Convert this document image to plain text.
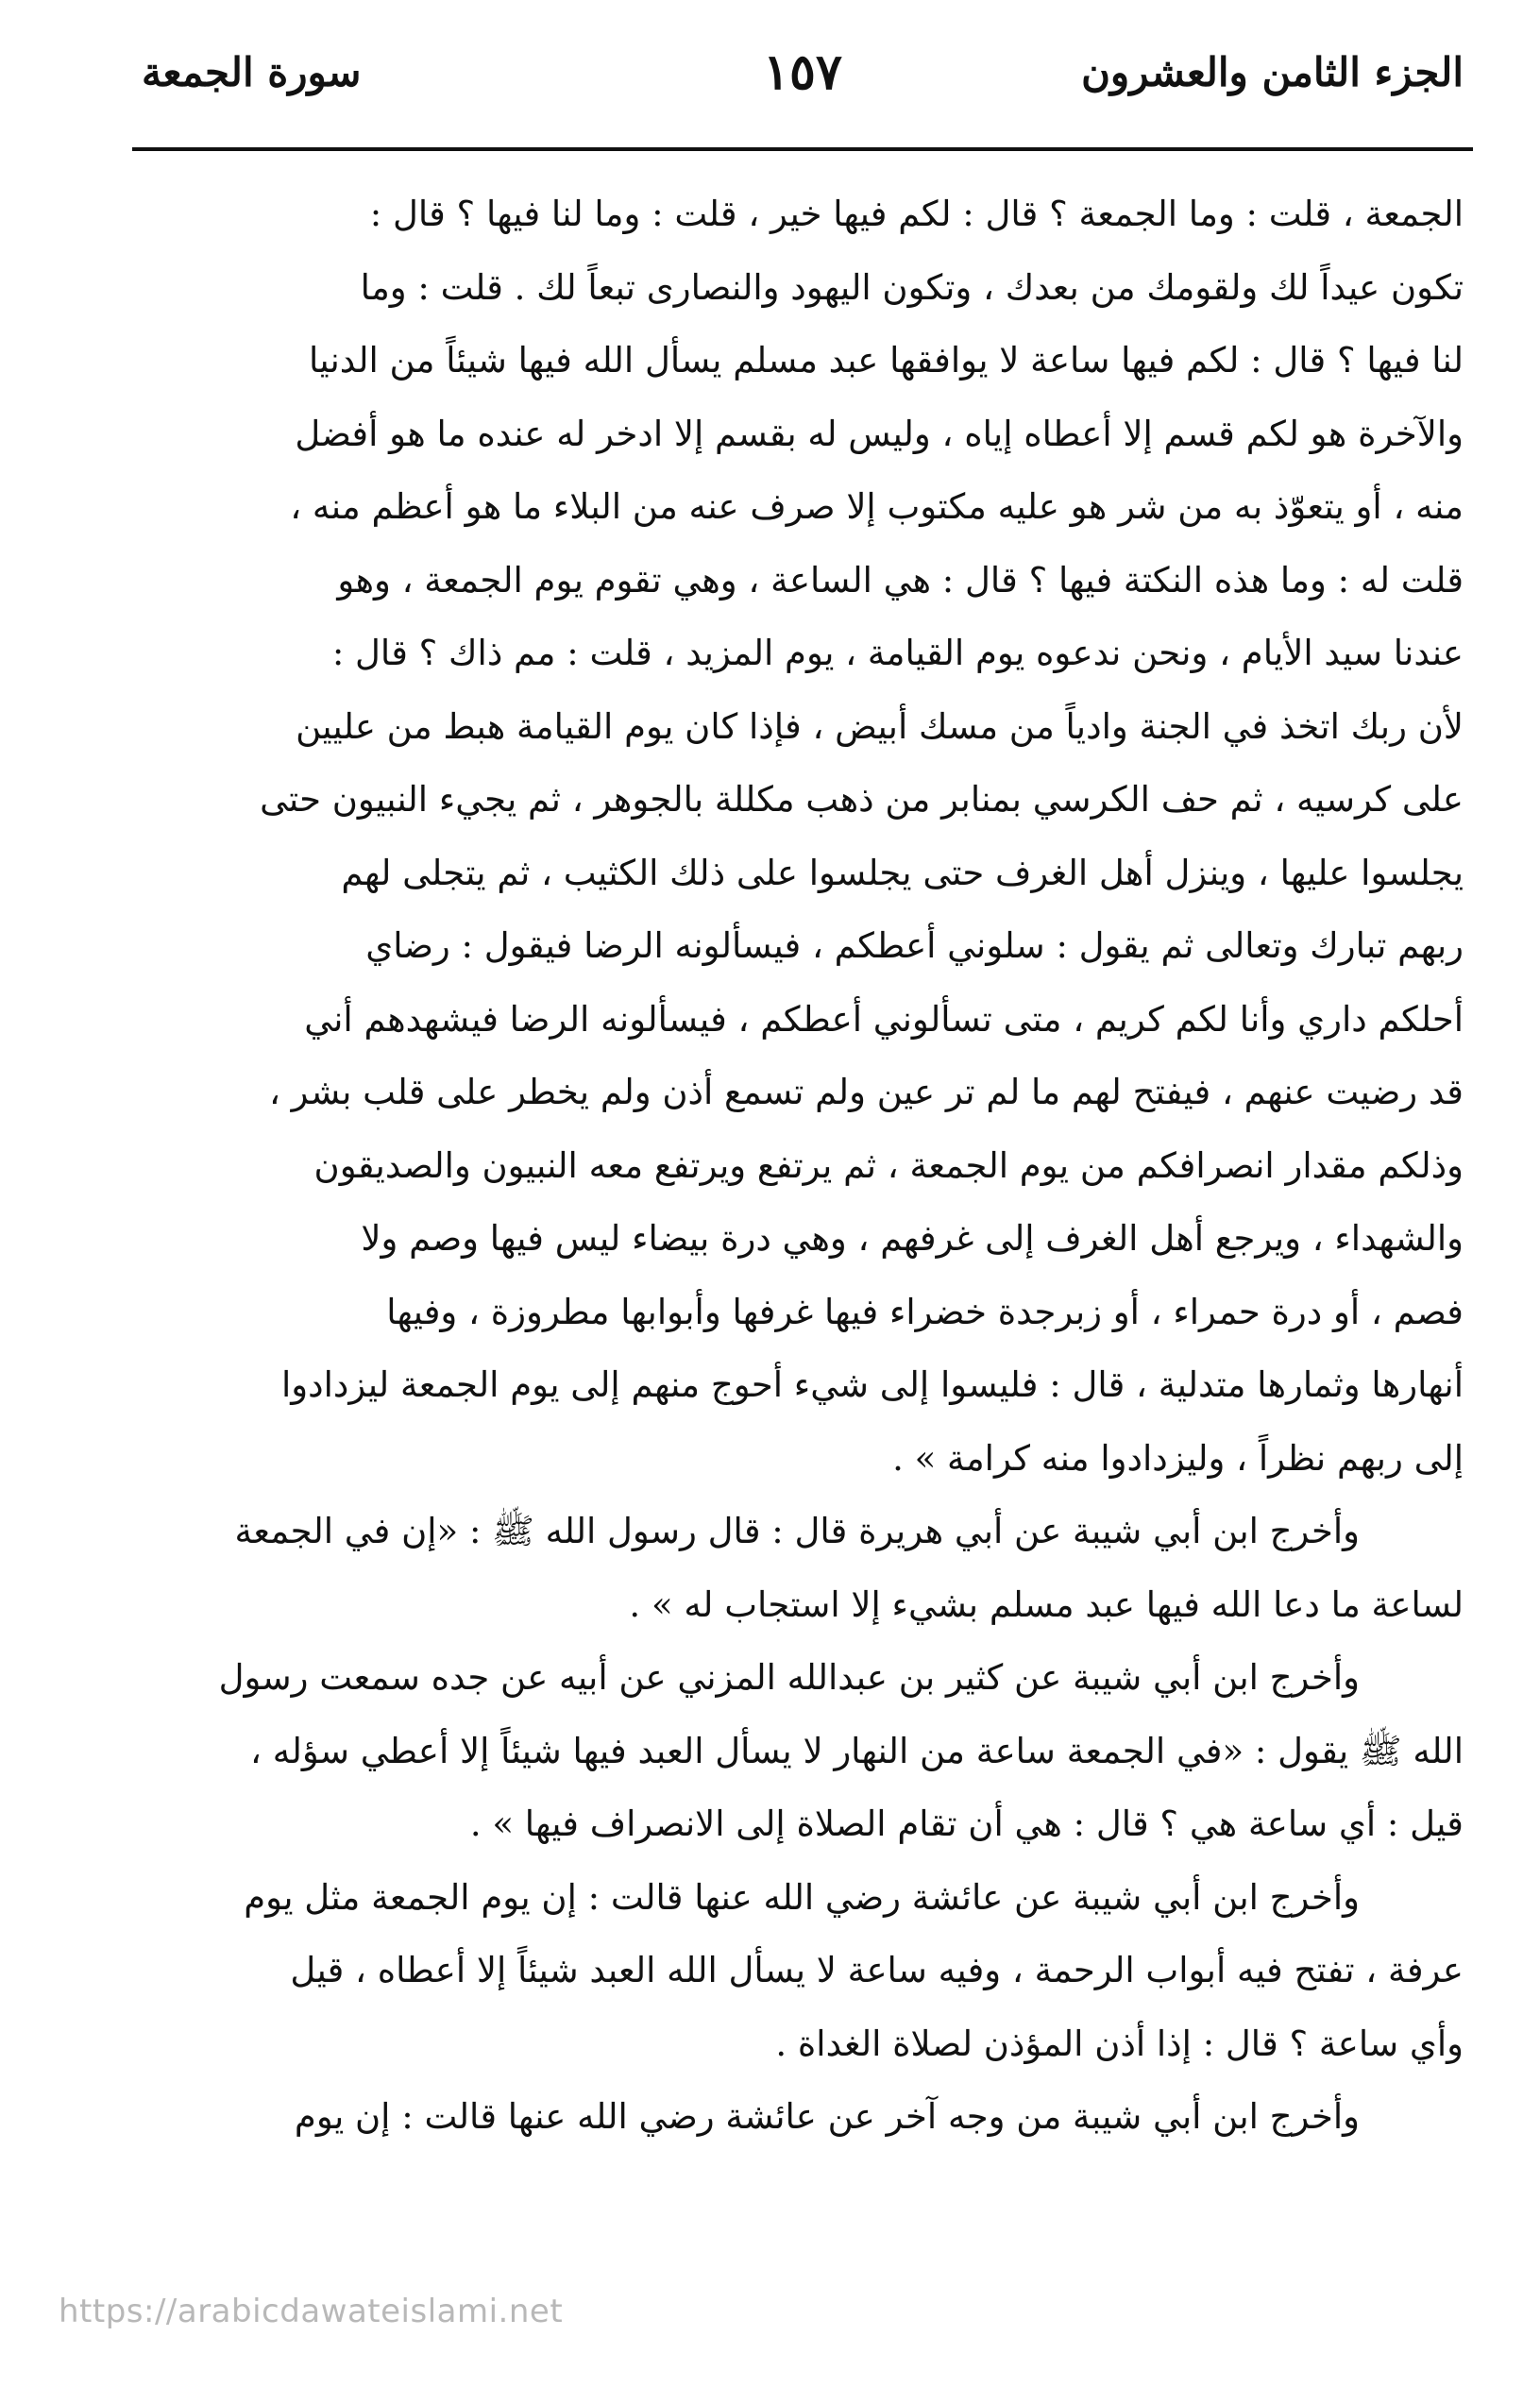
الجزء الثامن والعشرون
١٥٧
سورة الجمعة
الجمعة ، قلت : وما الجمعة ؟ قال : لكم فيها خير ، قلت : وما لنا فيها ؟ قال :
تكون عيداً لك ولقومك من بعدك ، وتكون اليهود والنصارى تبعاً لك . قلت : وما
لنا فيها ؟ قال : لكم فيها ساعة لا يوافقها عبد مسلم يسأل الله فيها شيئاً من الدنيا
والآخرة هو لكم قسم إلا أعطاه إياه ، وليس له بقسم إلا ادخر له عنده ما هو أفضل
منه ، أو يتعوّذ به من شر هو عليه مكتوب إلا صرف عنه من البلاء ما هو أعظم منه ،
قلت له : وما هذه النكتة فيها ؟ قال : هي الساعة ، وهي تقوم يوم الجمعة ، وهو
عندنا سيد الأيام ، ونحن ندعوه يوم القيامة ، يوم المزيد ، قلت : مم ذاك ؟ قال :
لأن ربك اتخذ في الجنة وادياً من مسك أبيض ، فإذا كان يوم القيامة هبط من عليين
على كرسيه ، ثم حف الكرسي بمنابر من ذهب مكللة بالجوهر ، ثم يجيء النبيون حتى
يجلسوا عليها ، وينزل أهل الغرف حتى يجلسوا على ذلك الكثيب ، ثم يتجلى لهم
ربهم تبارك وتعالى ثم يقول : سلوني أعطكم ، فيسألونه الرضا فيقول : رضاي
أحلكم داري وأنا لكم كريم ، متى تسألوني أعطكم ، فيسألونه الرضا فيشهدهم أني
قد رضيت عنهم ، فيفتح لهم ما لم تر عين ولم تسمع أذن ولم يخطر على قلب بشر ،
وذلكم مقدار انصرافكم من يوم الجمعة ، ثم يرتفع ويرتفع معه النبيون والصديقون
والشهداء ، ويرجع أهل الغرف إلى غرفهم ، وهي درة بيضاء ليس فيها وصم ولا
فصم ، أو درة حمراء ، أو زبرجدة خضراء فيها غرفها وأبوابها مطروزة ، وفيها
أنهارها وثمارها متدلية ، قال : فليسوا إلى شيء أحوج منهم إلى يوم الجمعة ليزدادوا
إلى ربهم نظراً ، وليزدادوا منه كرامة » .
وأخرج ابن أبي شيبة عن أبي هريرة قال : قال رسول الله ﷺ : «إن في الجمعة
لساعة ما دعا الله فيها عبد مسلم بشيء إلا استجاب له » .
وأخرج ابن أبي شيبة عن كثير بن عبدالله المزني عن أبيه عن جده سمعت رسول
الله ﷺ يقول : «في الجمعة ساعة من النهار لا يسأل العبد فيها شيئاً إلا أعطي سؤله ،
قيل : أي ساعة هي ؟ قال : هي أن تقام الصلاة إلى الانصراف فيها » .
وأخرج ابن أبي شيبة عن عائشة رضي الله عنها قالت : إن يوم الجمعة مثل يوم
عرفة ، تفتح فيه أبواب الرحمة ، وفيه ساعة لا يسأل الله العبد شيئاً إلا أعطاه ، قيل
وأي ساعة ؟ قال : إذا أذن المؤذن لصلاة الغداة .
وأخرج ابن أبي شيبة من وجه آخر عن عائشة رضي الله عنها قالت : إن يوم
https://arabicdawateislami.net
